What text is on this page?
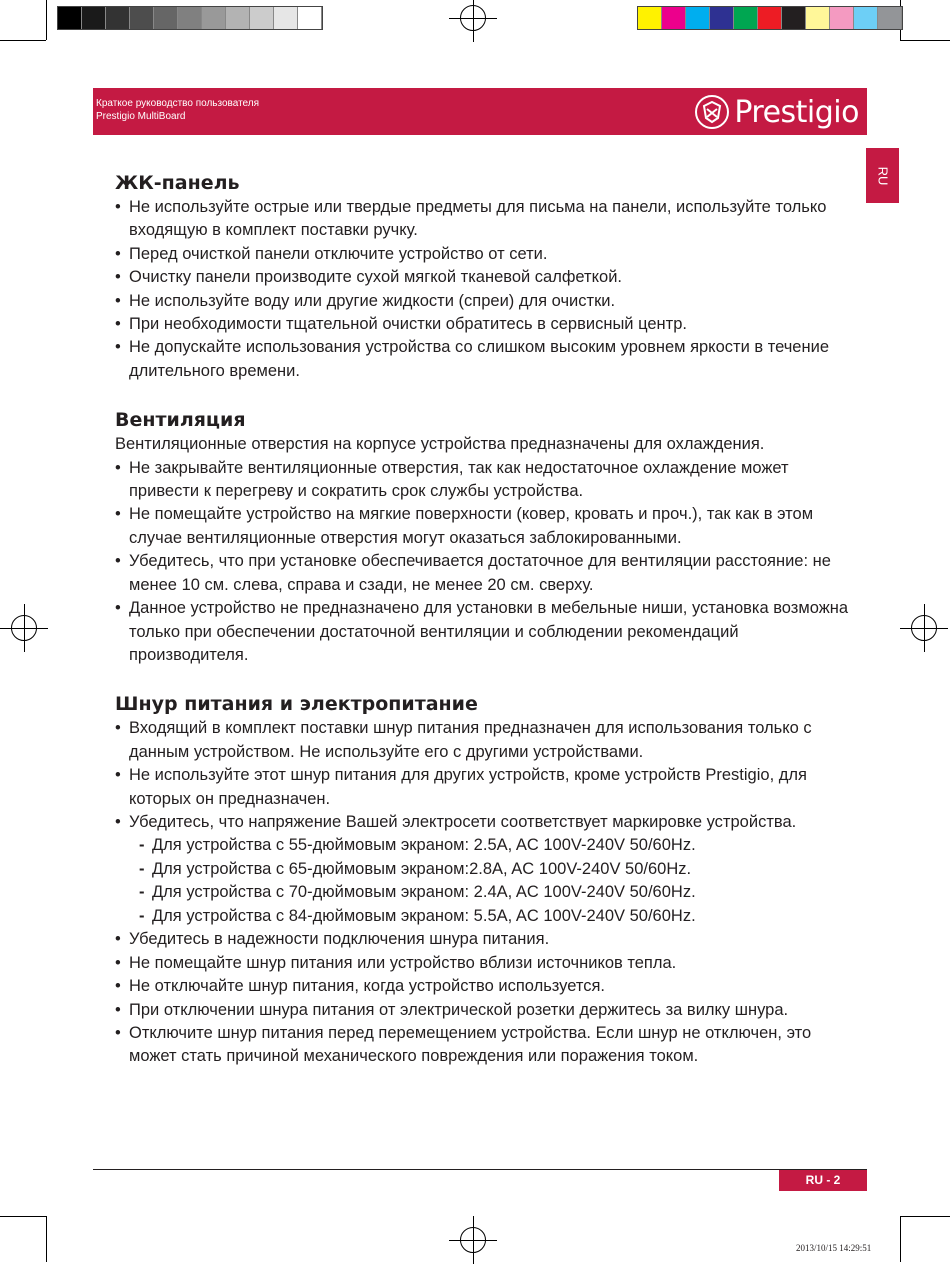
Краткое руководство пользователя
Prestigio MultiBoard	Prestigio
RU
ЖК-панель
• Не используйте острые или твердые предметы для письма на панели, используйте только входящую в комплект поставки ручку.
• Перед очисткой панели отключите устройство от сети.
• Очистку панели производите сухой мягкой тканевой салфеткой.
• Не используйте воду или другие жидкости (спреи) для очистки.
• При необходимости тщательной очистки обратитесь в сервисный центр.
• Не допускайте использования устройства со слишком высоким уровнем яркости в течение длительного времени.
Вентиляция
Вентиляционные отверстия на корпусе устройства предназначены для охлаждения.
• Не закрывайте вентиляционные отверстия, так как недостаточное охлаждение может привести к перегреву и сократить срок службы устройства.
• Не помещайте устройство на мягкие поверхности (ковер, кровать и проч.), так как в этом случае вентиляционные отверстия могут оказаться заблокированными.
• Убедитесь, что при установке обеспечивается достаточное для вентиляции расстояние: не менее 10 см. слева, справа и сзади, не менее 20 см. сверху.
• Данное устройство не предназначено для установки в мебельные ниши, установка возможна только при обеспечении достаточной вентиляции и соблюдении рекомендаций производителя.
Шнур питания и электропитание
• Входящий в комплект поставки шнур питания предназначен для использования только с данным устройством. Не используйте его с другими устройствами.
• Не используйте этот шнур питания для других устройств, кроме устройств Prestigio, для которых он предназначен.
• Убедитесь, что напряжение Вашей электросети соответствует маркировке устройства.
- Для устройства с 55-дюймовым экраном: 2.5A, AC 100V-240V 50/60Hz.
- Для устройства с 65-дюймовым экраном:2.8A, AC 100V-240V 50/60Hz.
- Для устройства с 70-дюймовым экраном: 2.4A, AC 100V-240V 50/60Hz.
- Для устройства с 84-дюймовым экраном: 5.5A, AC 100V-240V 50/60Hz.
• Убедитесь в надежности подключения шнура питания.
• Не помещайте шнур питания или устройство вблизи источников тепла.
• Не отключайте шнур питания, когда устройство используется.
• При отключении шнура питания от электрической розетки держитесь за вилку шнура.
• Отключите шнур питания перед перемещением устройства. Если шнур не отключен, это может стать причиной механического повреждения или поражения током.
RU - 2
2013/10/15 14:29:51
